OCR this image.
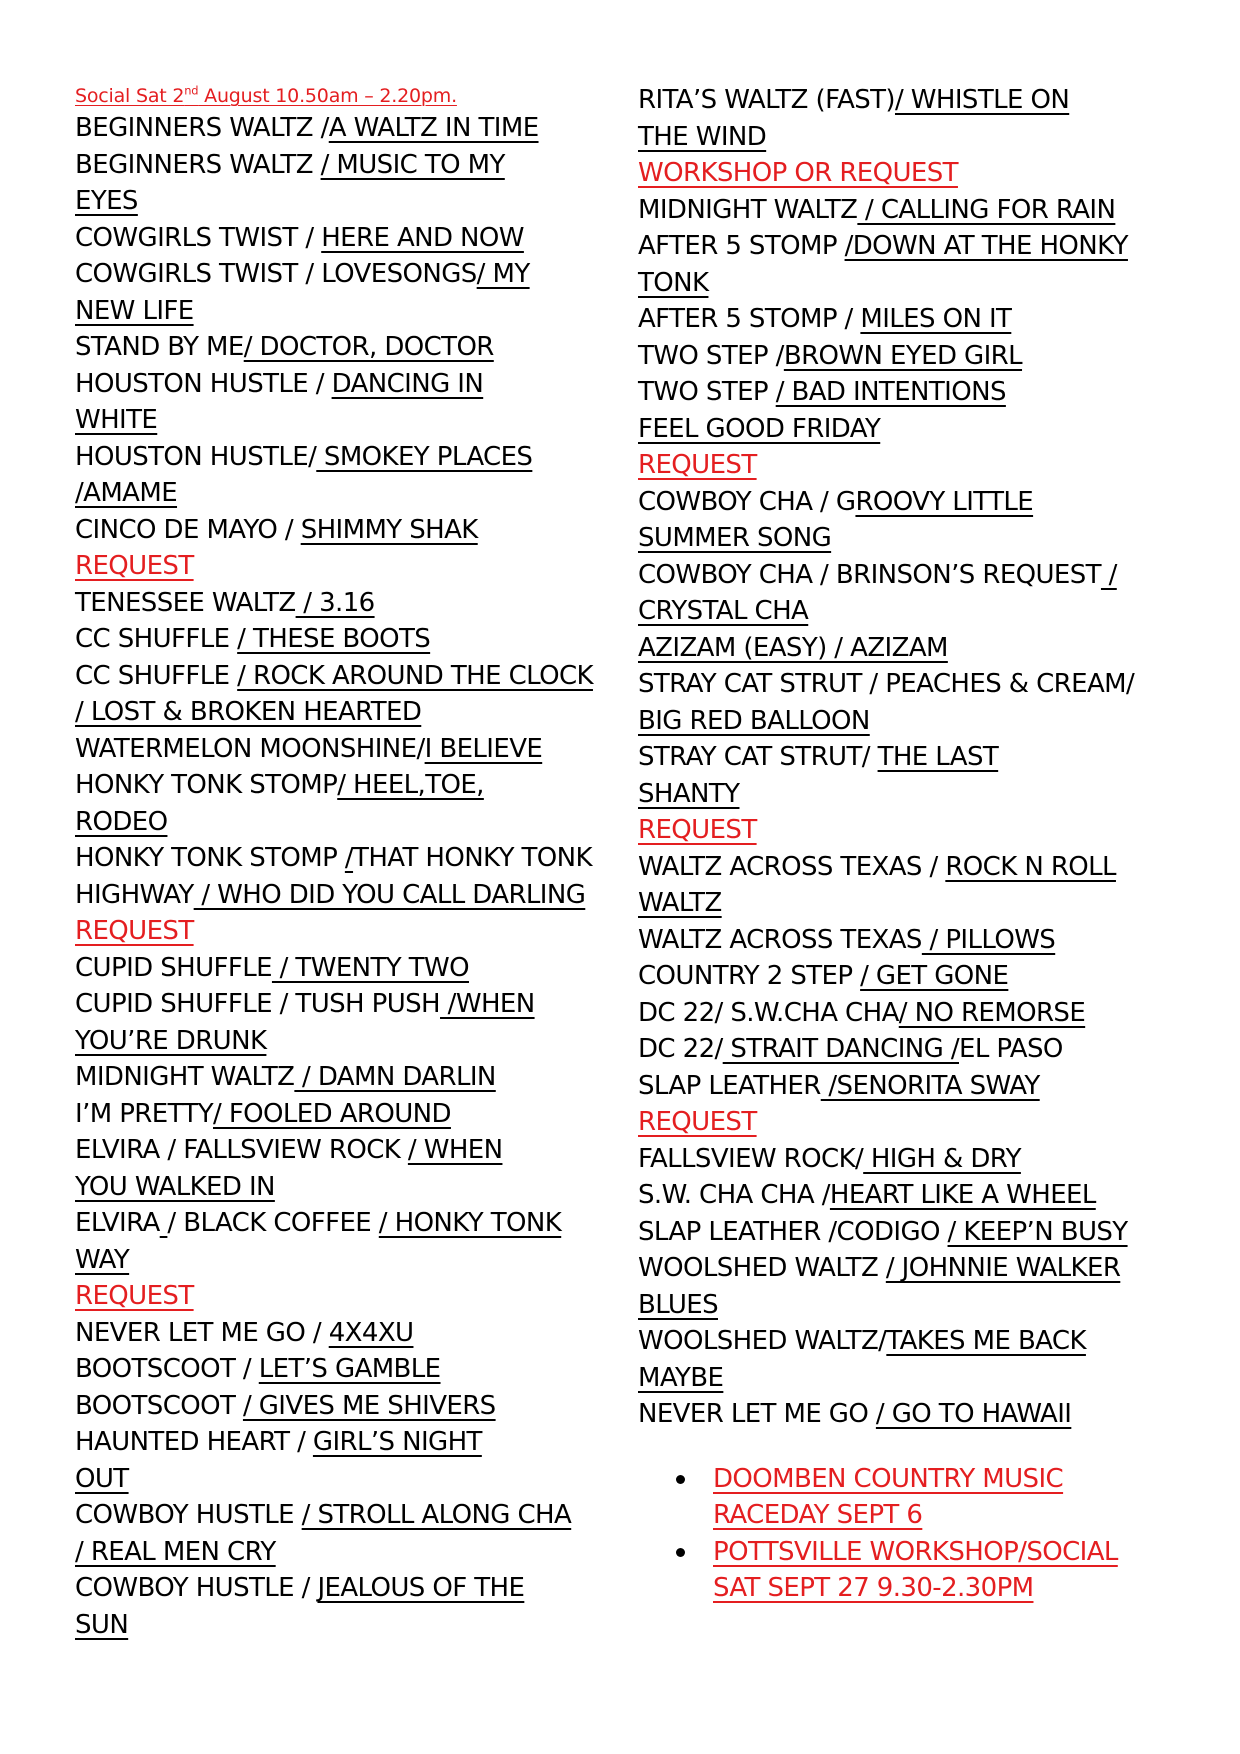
Social Sat 2nd August 10.50am – 2.20pm.

BEGINNERS WALTZ /A WALTZ IN TIME

BEGINNERS WALTZ / MUSIC TO MY

EYES

COWGIRLS TWIST / HERE AND NOW

COWGIRLS TWIST / LOVESONGS/ MY

NEW LIFE

STAND BY ME/ DOCTOR, DOCTOR

HOUSTON HUSTLE / DANCING IN

WHITE

HOUSTON HUSTLE/ SMOKEY PLACES

/AMAME

CINCO DE MAYO / SHIMMY SHAK

REQUEST

TENESSEE WALTZ / 3.16

CC SHUFFLE / THESE BOOTS

CC SHUFFLE / ROCK AROUND THE CLOCK

/ LOST & BROKEN HEARTED

WATERMELON MOONSHINE/I BELIEVE

HONKY TONK STOMP/ HEEL,TOE,

RODEO

HONKY TONK STOMP /THAT HONKY TONK

HIGHWAY / WHO DID YOU CALL DARLING

REQUEST

CUPID SHUFFLE / TWENTY TWO

CUPID SHUFFLE / TUSH PUSH /WHEN

YOU’RE DRUNK

MIDNIGHT WALTZ / DAMN DARLIN

I’M PRETTY/ FOOLED AROUND

ELVIRA / FALLSVIEW ROCK / WHEN

YOU WALKED IN

ELVIRA / BLACK COFFEE / HONKY TONK

WAY

REQUEST

NEVER LET ME GO / 4X4XU

BOOTSCOOT / LET’S GAMBLE

BOOTSCOOT / GIVES ME SHIVERS

HAUNTED HEART / GIRL’S NIGHT

OUT

COWBOY HUSTLE / STROLL ALONG CHA

/ REAL MEN CRY

COWBOY HUSTLE / JEALOUS OF THE

SUN

RITA’S WALTZ (FAST)/ WHISTLE ON

THE WIND

WORKSHOP OR REQUEST

MIDNIGHT WALTZ / CALLING FOR RAIN

AFTER 5 STOMP /DOWN AT THE HONKY

TONK

AFTER 5 STOMP / MILES ON IT

TWO STEP /BROWN EYED GIRL

TWO STEP / BAD INTENTIONS

FEEL GOOD FRIDAY

REQUEST

COWBOY CHA / GROOVY LITTLE

SUMMER SONG

COWBOY CHA / BRINSON’S REQUEST /

CRYSTAL CHA

AZIZAM (EASY) / AZIZAM

STRAY CAT STRUT / PEACHES & CREAM/

BIG RED BALLOON

STRAY CAT STRUT/ THE LAST

SHANTY

REQUEST

WALTZ ACROSS TEXAS / ROCK N ROLL

WALTZ

WALTZ ACROSS TEXAS / PILLOWS

COUNTRY 2 STEP / GET GONE

DC 22/ S.W.CHA CHA/ NO REMORSE

DC 22/ STRAIT DANCING /EL PASO

SLAP LEATHER /SENORITA SWAY

REQUEST

FALLSVIEW ROCK/ HIGH & DRY

S.W. CHA CHA /HEART LIKE A WHEEL

SLAP LEATHER /CODIGO / KEEP’N BUSY

WOOLSHED WALTZ / JOHNNIE WALKER

BLUES

WOOLSHED WALTZ/TAKES ME BACK

MAYBE

NEVER LET ME GO / GO TO HAWAII

DOOMBEN COUNTRY MUSIC

RACEDAY SEPT 6

POTTSVILLE WORKSHOP/SOCIAL

SAT SEPT 27 9.30-2.30PM
